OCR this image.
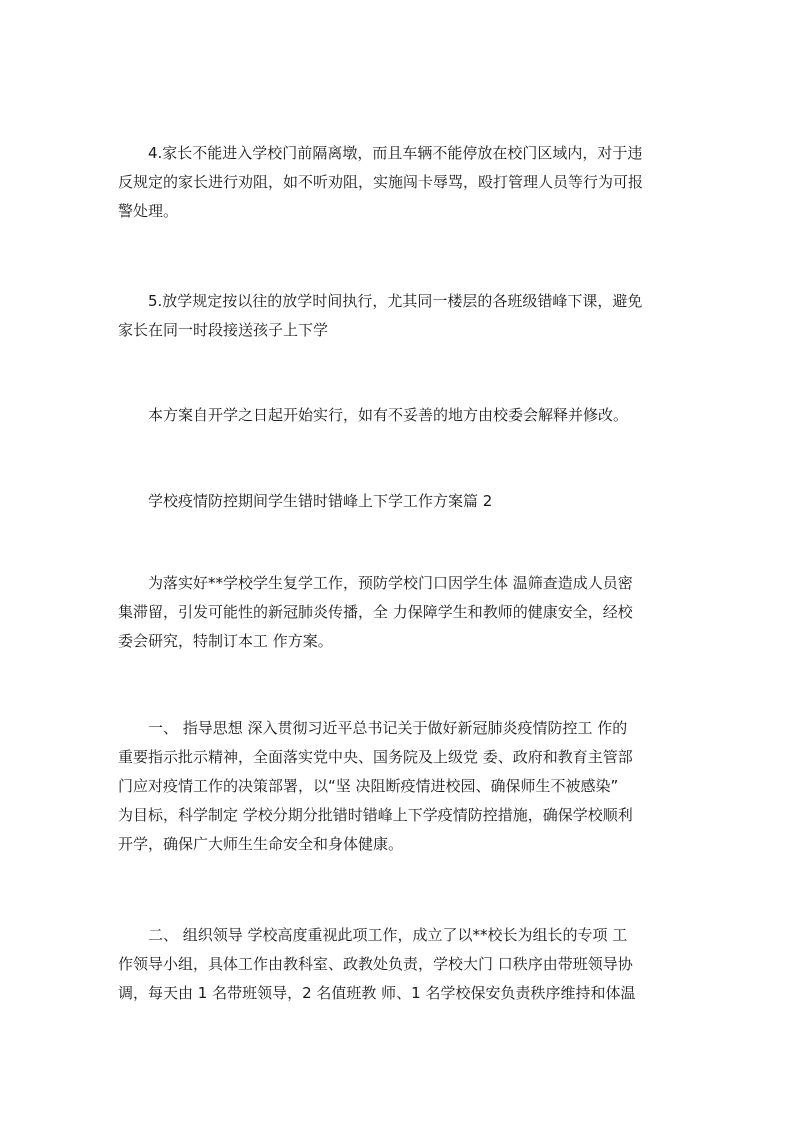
4.家长不能进入学校门前隔离墩，而且车辆不能停放在校门区域内，对于违
反规定的家长进行劝阻，如不听劝阻，实施闯卡辱骂，殴打管理人员等行为可报
警处理。
5.放学规定按以往的放学时间执行，尤其同一楼层的各班级错峰下课，避免
家长在同一时段接送孩子上下学
本方案自开学之日起开始实行，如有不妥善的地方由校委会解释并修改。
学校疫情防控期间学生错时错峰上下学工作方案篇 2
为落实好**学校学生复学工作，预防学校门口因学生体 温筛查造成人员密
集滞留，引发可能性的新冠肺炎传播，全 力保障学生和教师的健康安全，经校
委会研究，特制订本工 作方案。
一、 指导思想 深入贯彻习近平总书记关于做好新冠肺炎疫情防控工 作的
重要指示批示精神，全面落实党中央、国务院及上级党 委、政府和教育主管部
门应对疫情工作的决策部署，以“坚 决阻断疫情进校园、确保师生不被感染”
为目标，科学制定 学校分期分批错时错峰上下学疫情防控措施，确保学校顺利
开学，确保广大师生生命安全和身体健康。
二、 组织领导 学校高度重视此项工作，成立了以**校长为组长的专项 工
作领导小组，具体工作由教科室、政教处负责，学校大门 口秩序由带班领导协
调，每天由 1 名带班领导，2 名值班教 师、1 名学校保安负责秩序维持和体温
